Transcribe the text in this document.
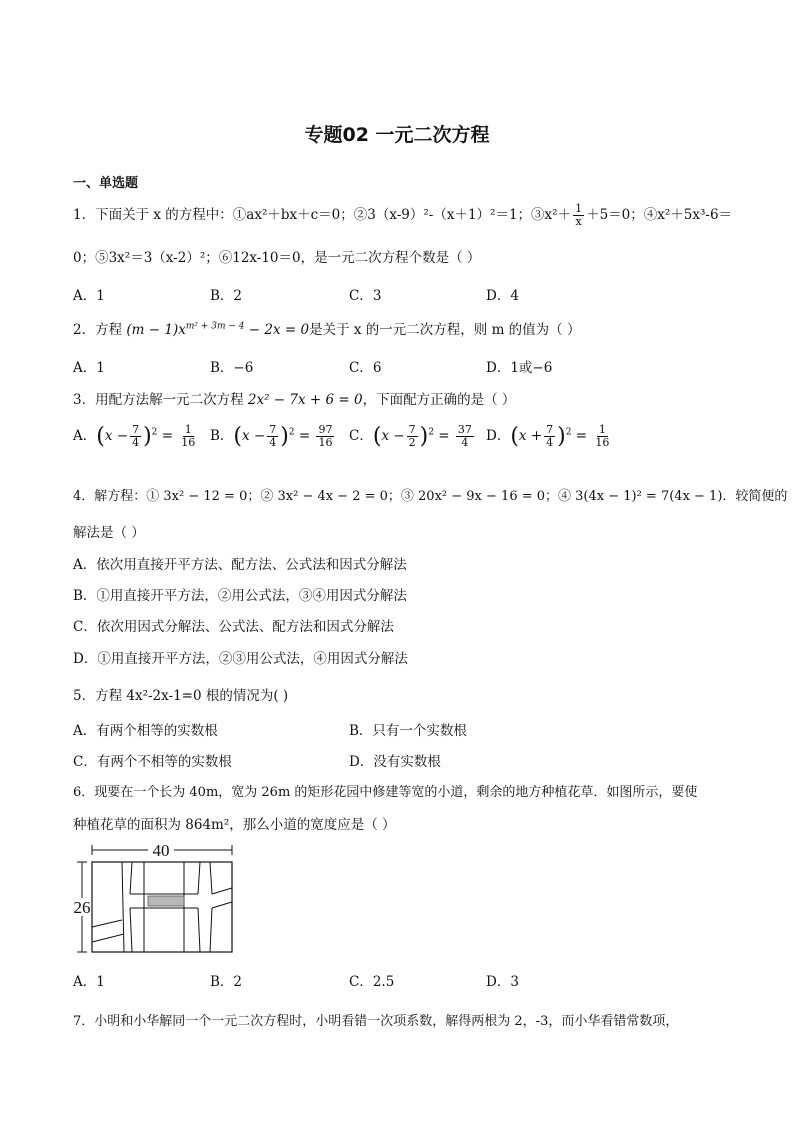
专题02 一元二次方程
一、单选题
1．下面关于 x 的方程中：①ax²＋bx＋c＝0；②3（x-9）²-（x＋1）²＝1；③x²＋ $\frac{1}{x} +5=0$；④x²＋5x³-6＝
0；⑤3x²＝3（x-2）²；⑥12x-10＝0，是一元二次方程个数是（ ）
A．1	B．2	C．3	D．4
2．方程 $(m - 1)x^{m^2 + 3m - 4} - 2x = 0$是关于 x 的一元二次方程，则 m 的值为（ ）
A．1	B．−6	C．6	D．1或−6
3．用配方法解一元二次方程 2x² − 7x + 6 = 0，下面配方正确的是（ ）
A．$(x - \frac{7}{4} )^2 = \frac{1}{16}$ B．$(x - \frac{7}{4} )^2 = \frac{97}{16}$ C．$(x - \frac{7}{2} )^2 = \frac{37}{4}$ D．$(x + \frac{7}{4} )^2 = \frac{1}{16}$
4．解方程：① 3x² − 12 = 0；② 3x² − 4x − 2 = 0；③ 20x² − 9x − 16 = 0；④ 3(4x − 1)² = 7(4x − 1)．较简便的
解法是（ ）
A．依次用直接开平方法、配方法、公式法和因式分解法
B．①用直接开平方法，②用公式法，③④用因式分解法
C．依次用因式分解法、公式法、配方法和因式分解法
D．①用直接开平方法，②③用公式法，④用因式分解法
5．方程 4x²-2x-1=0 根的情况为( )
A．有两个相等的实数根	B．只有一个实数根
C．有两个不相等的实数根	D．没有实数根
6．现要在一个长为 40m，宽为 26m 的矩形花园中修建等宽的小道，剩余的地方种植花草．如图所示，要使
种植花草的面积为 864m²，那么小道的宽度应是（ ）
40
26
A．1	B．2	C．2.5	D．3
7．小明和小华解同一个一元二次方程时，小明看错一次项系数，解得两根为 2，-3，而小华看错常数项，
